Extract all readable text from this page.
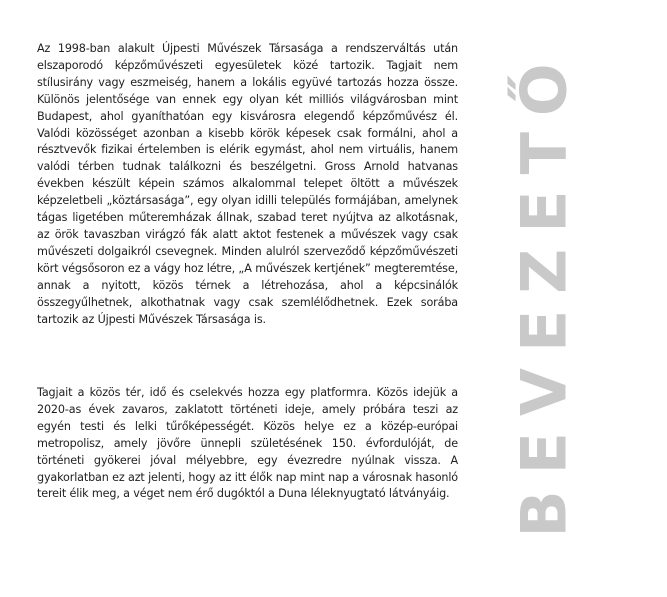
Az 1998-ban alakult Újpesti Művészek Társasága a rendszerváltás után elszaporodó képzőművészeti egyesületek közé tartozik. Tagjait nem stílusirány vagy eszmeiség, hanem a lokális együvé tartozás hozza össze. Különös jelentősége van ennek egy olyan két milliós világvárosban mint Budapest, ahol gyaníthatóan egy kisvárosra elegendő képzőművész él. Valódi közösséget azonban a kisebb körök képesek csak formálni, ahol a résztvevők fizikai értelemben is elérik egymást, ahol nem virtuális, hanem valódi térben tudnak találkozni és beszélgetni. Gross Arnold hatvanas években készült képein számos alkalommal telepet öltött a művészek képzeletbeli „köztársasága”, egy olyan idilli település formájában, amelynek tágas ligetében műteremházak állnak, szabad teret nyújtva az alkotásnak, az örök tavaszban virágzó fák alatt aktot festenek a művészek vagy csak művészeti dolgaikról csevegnek. Minden alulról szerveződő képzőművészeti kört végsősoron ez a vágy hoz létre, „A művészek kertjének” megteremtése, annak a nyitott, közös térnek a létrehozása, ahol a képcsinálók összegyűlhetnek, alkothatnak vagy csak szemlélődhetnek. Ezek sorába tartozik az Újpesti Művészek Társasága is.

Tagjait a közös tér, idő és cselekvés hozza egy platformra. Közös idejük a 2020-as évek zavaros, zaklatott történeti ideje, amely próbára teszi az egyén testi és lelki tűrőképességét. Közös helye ez a közép-európai metropolisz, amely jövőre ünnepli születésének 150. évfordulóját, de történeti gyökerei jóval mélyebbre, egy évezredre nyúlnak vissza. A gyakorlatban ez azt jelenti, hogy az itt élők nap mint nap a városnak hasonló tereit élik meg, a véget nem érő dugóktól a Duna léleknyugtató látványáig. BEVEZETŐ
